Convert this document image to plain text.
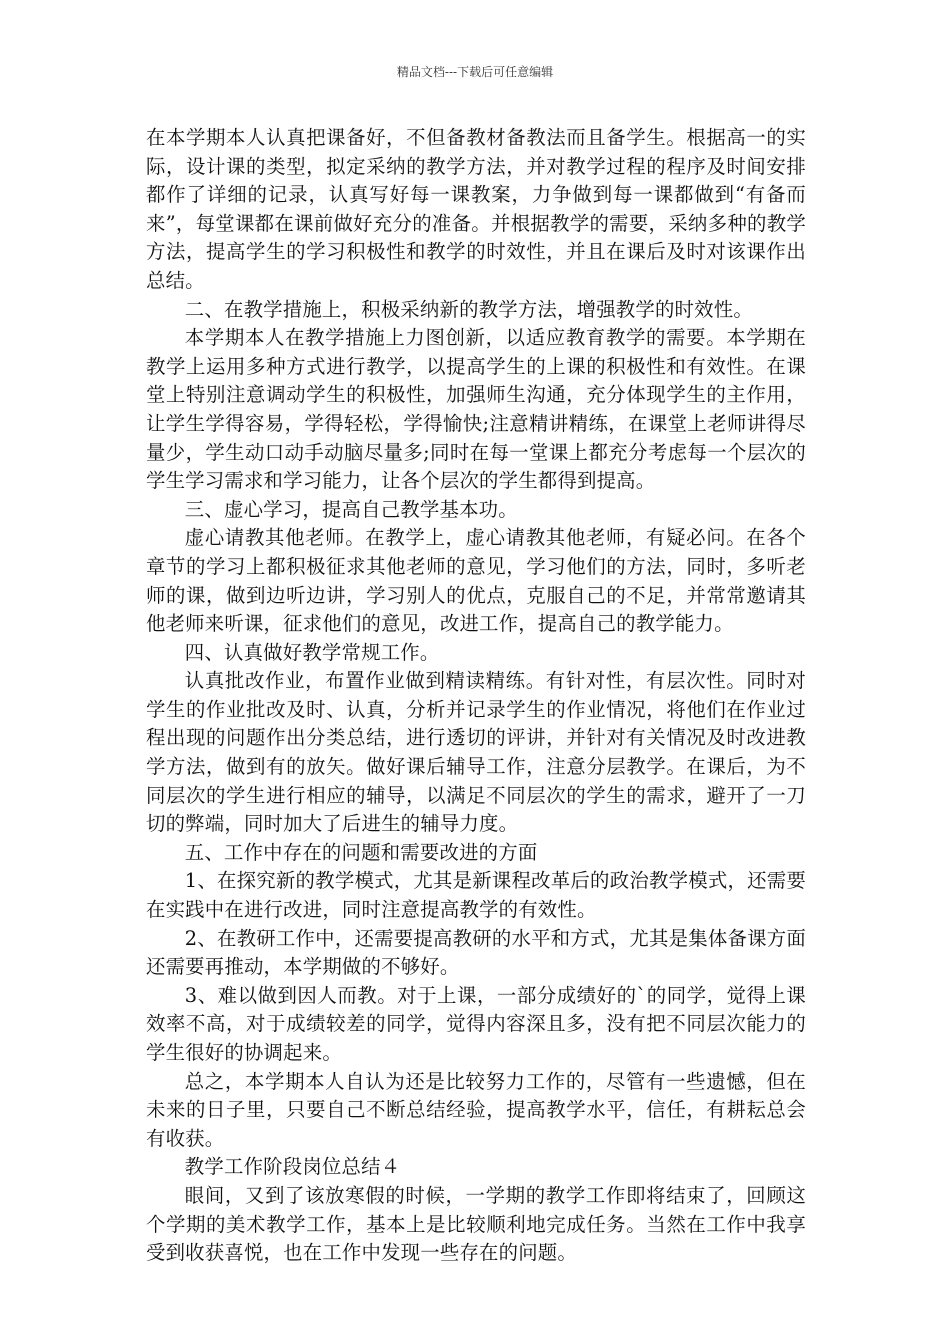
精品文档---下载后可任意编辑

在本学期本人认真把课备好，不但备教材备教法而且备学生。根据高一的实际，设计课的类型，拟定采纳的教学方法，并对教学过程的程序及时间安排都作了详细的记录，认真写好每一课教案，力争做到每一课都做到“有备而来”，每堂课都在课前做好充分的准备。并根据教学的需要，采纳多种的教学方法，提高学生的学习积极性和教学的时效性，并且在课后及时对该课作出总结。

二、在教学措施上，积极采纳新的教学方法，增强教学的时效性。

本学期本人在教学措施上力图创新，以适应教育教学的需要。本学期在教学上运用多种方式进行教学，以提高学生的上课的积极性和有效性。在课堂上特别注意调动学生的积极性，加强师生沟通，充分体现学生的主作用，让学生学得容易，学得轻松，学得愉快;注意精讲精练，在课堂上老师讲得尽量少，学生动口动手动脑尽量多;同时在每一堂课上都充分考虑每一个层次的学生学习需求和学习能力，让各个层次的学生都得到提高。

三、虚心学习，提高自己教学基本功。

虚心请教其他老师。在教学上，虚心请教其他老师，有疑必问。在各个章节的学习上都积极征求其他老师的意见，学习他们的方法，同时，多听老师的课，做到边听边讲，学习别人的优点，克服自己的不足，并常常邀请其他老师来听课，征求他们的意见，改进工作，提高自己的教学能力。

四、认真做好教学常规工作。

认真批改作业，布置作业做到精读精练。有针对性，有层次性。同时对学生的作业批改及时、认真，分析并记录学生的作业情况，将他们在作业过程出现的问题作出分类总结，进行透切的评讲，并针对有关情况及时改进教学方法，做到有的放矢。做好课后辅导工作，注意分层教学。在课后，为不同层次的学生进行相应的辅导，以满足不同层次的学生的需求，避开了一刀切的弊端，同时加大了后进生的辅导力度。

五、工作中存在的问题和需要改进的方面

1、在探究新的教学模式，尤其是新课程改革后的政治教学模式，还需要在实践中在进行改进，同时注意提高教学的有效性。

2、在教研工作中，还需要提高教研的水平和方式，尤其是集体备课方面还需要再推动，本学期做的不够好。

3、难以做到因人而教。对于上课，一部分成绩好的`的同学，觉得上课效率不高，对于成绩较差的同学，觉得内容深且多，没有把不同层次能力的学生很好的协调起来。

总之，本学期本人自认为还是比较努力工作的，尽管有一些遗憾，但在未来的日子里，只要自己不断总结经验，提高教学水平，信任，有耕耘总会有收获。

教学工作阶段岗位总结４

眼间，又到了该放寒假的时候，一学期的教学工作即将结束了，回顾这个学期的美术教学工作，基本上是比较顺利地完成任务。当然在工作中我享受到收获喜悦，也在工作中发现一些存在的问题。
